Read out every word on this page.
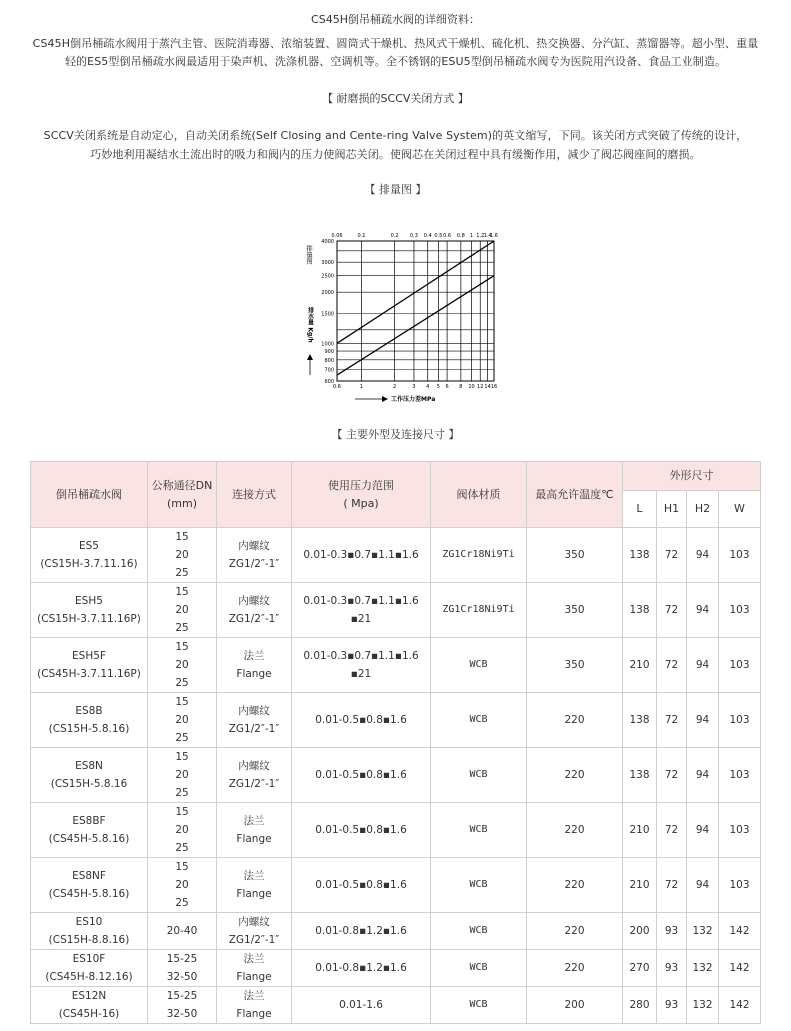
CS45H倒吊桶疏水阀的详细资料：
CS45H倒吊桶疏水阀用于蒸汽主管、医院消毒器、浓缩装置、圆筒式干燥机、热风式干燥机、硫化机、热交换器、分汽缸、蒸馏器等。超小型、重量
轻的ES5型倒吊桶疏水阀最适用于染声机、洗涤机器、空调机等。全不锈钢的ESU5型倒吊桶疏水阀专为医院用汽设备、食品工业制造。
【 耐磨损的SCCV关闭方式 】
SCCV关闭系统是自动定心，自动关闭系统(Self Closing and Cente-ring Valve System)的英文缩写，下同。该关闭方式突破了传统的设计，
巧妙地利用凝结水土流出时的吸力和阀内的压力使阀芯关闭。使阀芯在关闭过程中具有缓衡作用，减少了阀芯阀座间的磨损。
【 排量图 】
0.06	0.1	0.2 0.3 0.4 0.5 0.6 0.8 1 1.2 1.4
1.6
0.6	1	2	3 4 5 6 8 10 12 14 16
4000
3000
2500
2000
1500
1000
900
800
700
600
排量图
排水量 Kg/h
工作压力差MPa
【 主要外型及连接尺寸 】
倒吊桶疏水阀	公称通径DN
(mm)	连接方式	使用压力范围
( Mpa)	阀体材质	最高允许温度℃	外形尺寸			
						L	H1	H2	W

ES5
(CS15H-3.7.11.16)	15
20
25	内螺纹
ZG1/2″-1″	0.01-0.3▪0.7▪1.1▪1.6	ZG1Cr18Ni9Ti	350	138	72	94	103

ESH5
(CS15H-3.7.11.16P)	15
20
25	内螺纹
ZG1/2″-1″	0.01-0.3▪0.7▪1.1▪1.6
▪21	ZG1Cr18Ni9Ti	350	138	72	94	103

ESH5F
(CS45H-3.7.11.16P)	15
20
25	法兰
Flange	0.01-0.3▪0.7▪1.1▪1.6
▪21	WCB	350	210	72	94	103

ES8B
(CS15H-5.8.16)	15
20
25	内螺纹
ZG1/2″-1″	0.01-0.5▪0.8▪1.6	WCB	220	138	72	94	103

ES8N
(CS15H-5.8.16	15
20
25	内螺纹
ZG1/2″-1″	0.01-0.5▪0.8▪1.6	WCB	220	138	72	94	103

ES8BF
(CS45H-5.8.16)	15
20
25	法兰
Flange	0.01-0.5▪0.8▪1.6	WCB	220	210	72	94	103

ES8NF
(CS45H-5.8.16)	15
20
25	法兰
Flange	0.01-0.5▪0.8▪1.6	WCB	220	210	72	94	103

ES10
(CS15H-8.8.16)	20-40	内螺纹
ZG1/2″-1″	0.01-0.8▪1.2▪1.6	WCB	220	200	93	132	142

ES10F
(CS45H-8.12.16)	15-25
32-50	法兰
Flange	0.01-0.8▪1.2▪1.6	WCB	220	270	93	132	142

ES12N
(CS45H-16)	15-25
32-50	法兰
Flange	0.01-1.6	WCB	200	280	93	132	142
